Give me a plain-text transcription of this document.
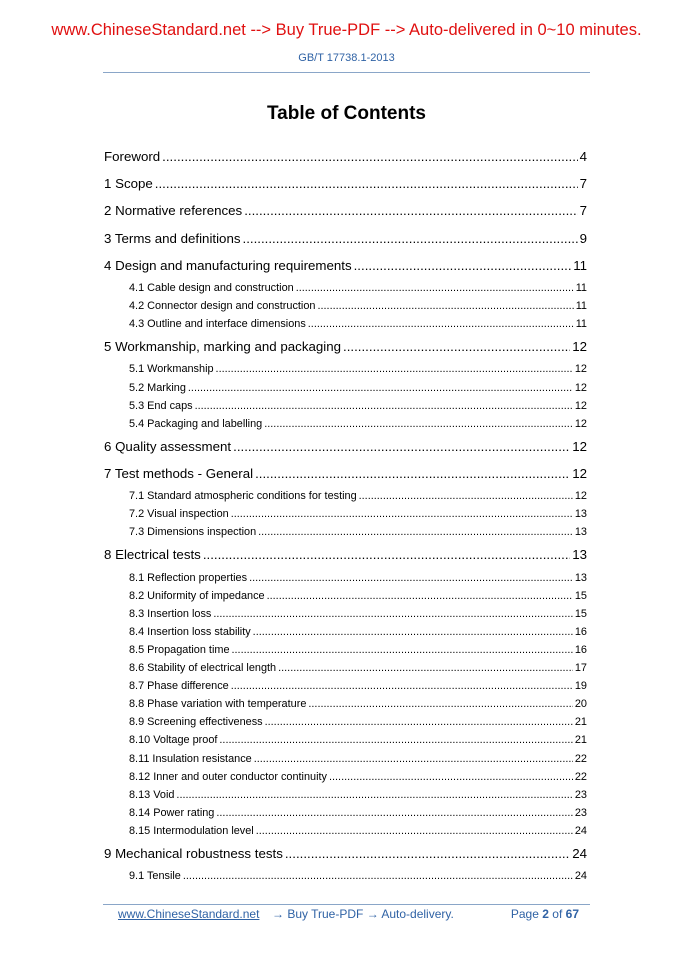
www.ChineseStandard.net --> Buy True-PDF --> Auto-delivered in 0~10 minutes.
GB/T 17738.1-2013
Table of Contents
Foreword .....	4
1 Scope .....	7
2 Normative references .....	7
3 Terms and definitions .....	9
4 Design and manufacturing requirements .....	11
4.1 Cable design and construction .....	11
4.2 Connector design and construction .....	11
4.3 Outline and interface dimensions .....	11
5 Workmanship, marking and packaging .....	12
5.1 Workmanship .....	12
5.2 Marking .....	12
5.3 End caps .....	12
5.4 Packaging and labelling .....	12
6 Quality assessment .....	12
7 Test methods - General .....	12
7.1 Standard atmospheric conditions for testing .....	12
7.2 Visual inspection .....	13
7.3 Dimensions inspection .....	13
8 Electrical tests .....	13
8.1 Reflection properties .....	13
8.2 Uniformity of impedance .....	15
8.3 Insertion loss .....	15
8.4 Insertion loss stability .....	16
8.5 Propagation time .....	16
8.6 Stability of electrical length .....	17
8.7 Phase difference .....	19
8.8 Phase variation with temperature .....	20
8.9 Screening effectiveness .....	21
8.10 Voltage proof .....	21
8.11 Insulation resistance .....	22
8.12 Inner and outer conductor continuity .....	22
8.13 Void .....	23
8.14 Power rating .....	23
8.15 Intermodulation level .....	24
9 Mechanical robustness tests .....	24
9.1 Tensile .....	24
www.ChineseStandard.net → Buy True-PDF → Auto-delivery.	Page 2 of 67
